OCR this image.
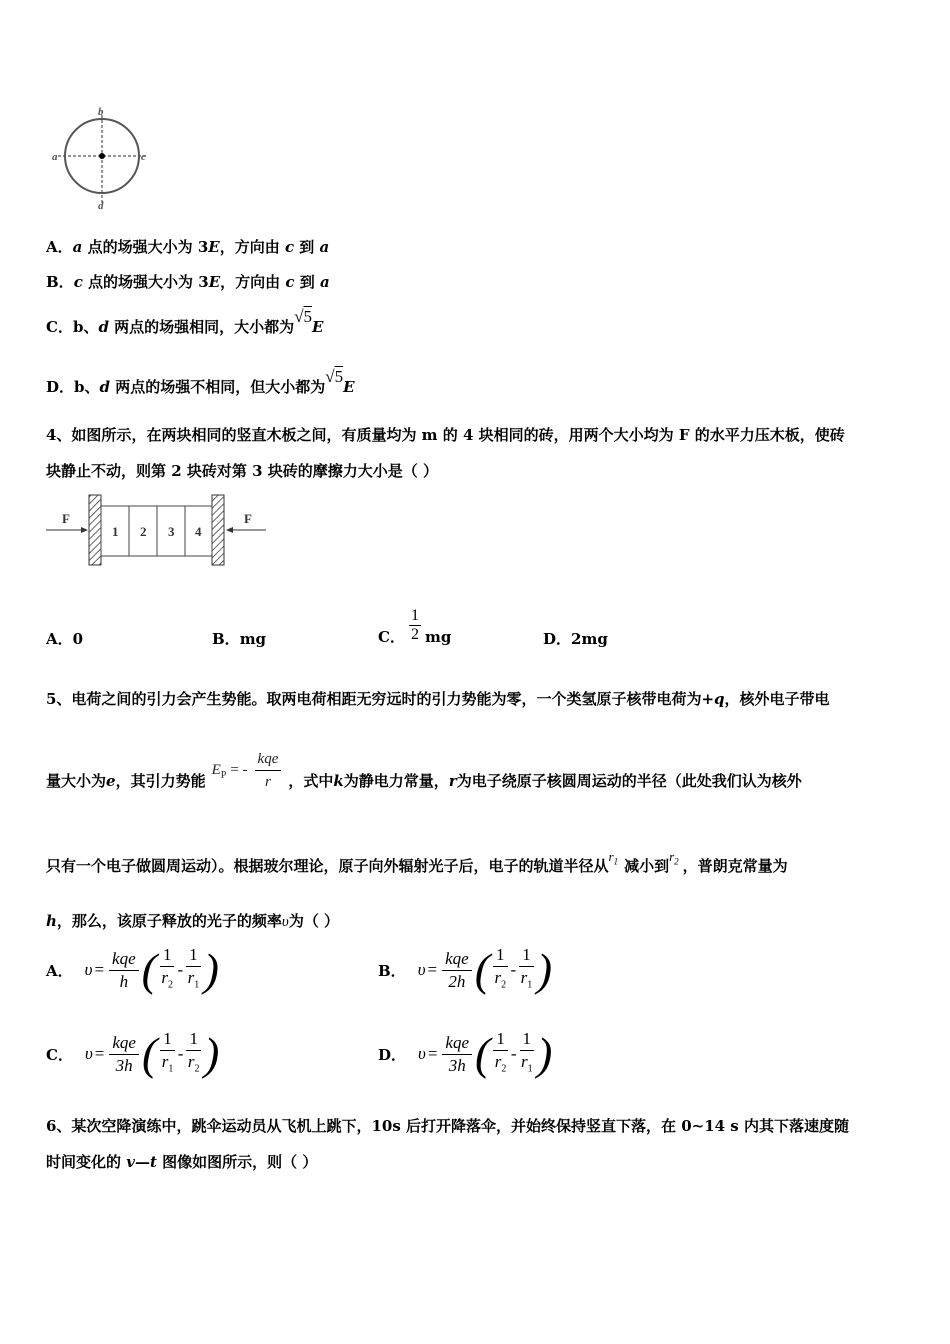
b
a	c
d
A．a 点的场强大小为 3E，方向由 c 到 a
B．c 点的场强大小为 3E，方向由 c 到 a
C．b、d 两点的场强相同，大小都为√5E
D．b、d 两点的场强不相同，但大小都为√5E
4、如图所示，在两块相同的竖直木板之间，有质量均为 m 的 4 块相同的砖，用两个大小均为 F 的水平力压木板，使砖
块静止不动，则第 2 块砖对第 3 块砖的摩擦力大小是（ ）
1 2 3 4
F	F
A．0	B．mg	C． $\frac{1}{2}$ mg	D．2mg
5、电荷之间的引力会产生势能。取两电荷相距无穷远时的引力势能为零，一个类氢原子核带电荷为+q，核外电子带电
量大小为 e ，其引力势能
$E_P$ = -
kqe
r ，式中 k 为静电力常量， r 为电子绕原子核圆周运动的半径（此处我们认为核外
只有一个电子做圆周运动）。根据玻尔理论，原子向外辐射光子后，电子的轨道半径从$r_1$ 减小到$r_2$ ，普朗克常量为
h，那么，该原子释放的光子的频率υ为（ ）
A． υ =
kqe
h ( 1
$r_2$
-
1
$r_1$ )	B． υ =
kqe
2h ( 1
$r_2$
-
1
$r_1$ )
C． υ =
kqe
3h ( 1
$r_1$
-
1
$r_2$ )	D． υ =
kqe
3h ( 1
$r_2$
-
1
$r_1$ )
6、某次空降演练中，跳伞运动员从飞机上跳下，10s 后打开降落伞，并始终保持竖直下落，在 0~14 s 内其下落速度随
时间变化的 v—t 图像如图所示，则（ ）
